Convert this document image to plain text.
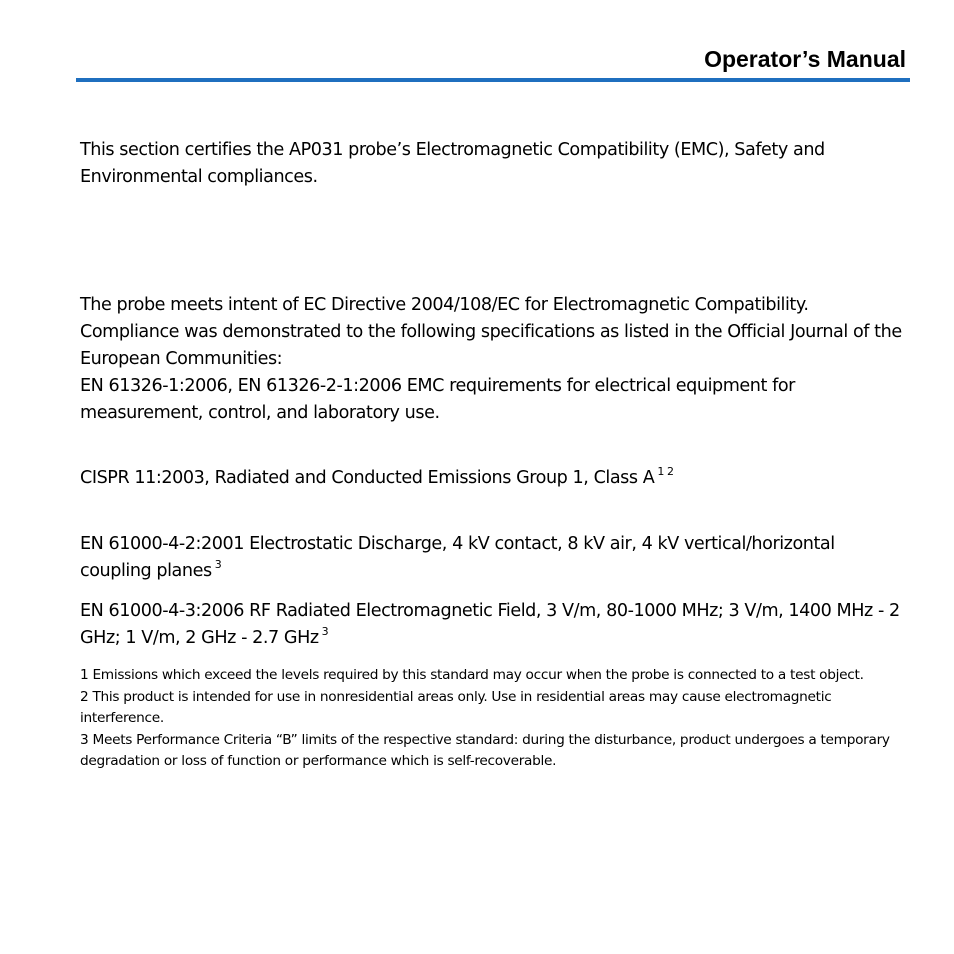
Operator’s Manual

This section certifies the AP031 probe’s Electromagnetic Compatibility (EMC), Safety and Environmental compliances.

The probe meets intent of EC Directive 2004/108/EC for Electromagnetic Compatibility. Compliance was demonstrated to the following specifications as listed in the Official Journal of the European Communities:

EN 61326-1:2006, EN 61326-2-1:2006 EMC requirements for electrical equipment for measurement, control, and laboratory use.

CISPR 11:2003, Radiated and Conducted Emissions Group 1, Class A $^{1 2}$

EN 61000-4-2:2001 Electrostatic Discharge, 4 kV contact, 8 kV air, 4 kV vertical/horizontal coupling planes $^3$

EN 61000-4-3:2006 RF Radiated Electromagnetic Field, 3 V/m, 80-1000 MHz; 3 V/m, 1400 MHz - 2 GHz; 1 V/m, 2 GHz - 2.7 GHz $^3$

1 Emissions which exceed the levels required by this standard may occur when the probe is connected to a test object.

2 This product is intended for use in nonresidential areas only. Use in residential areas may cause electromagnetic interference.

3 Meets Performance Criteria “B” limits of the respective standard: during the disturbance, product undergoes a temporary degradation or loss of function or performance which is self-recoverable.
